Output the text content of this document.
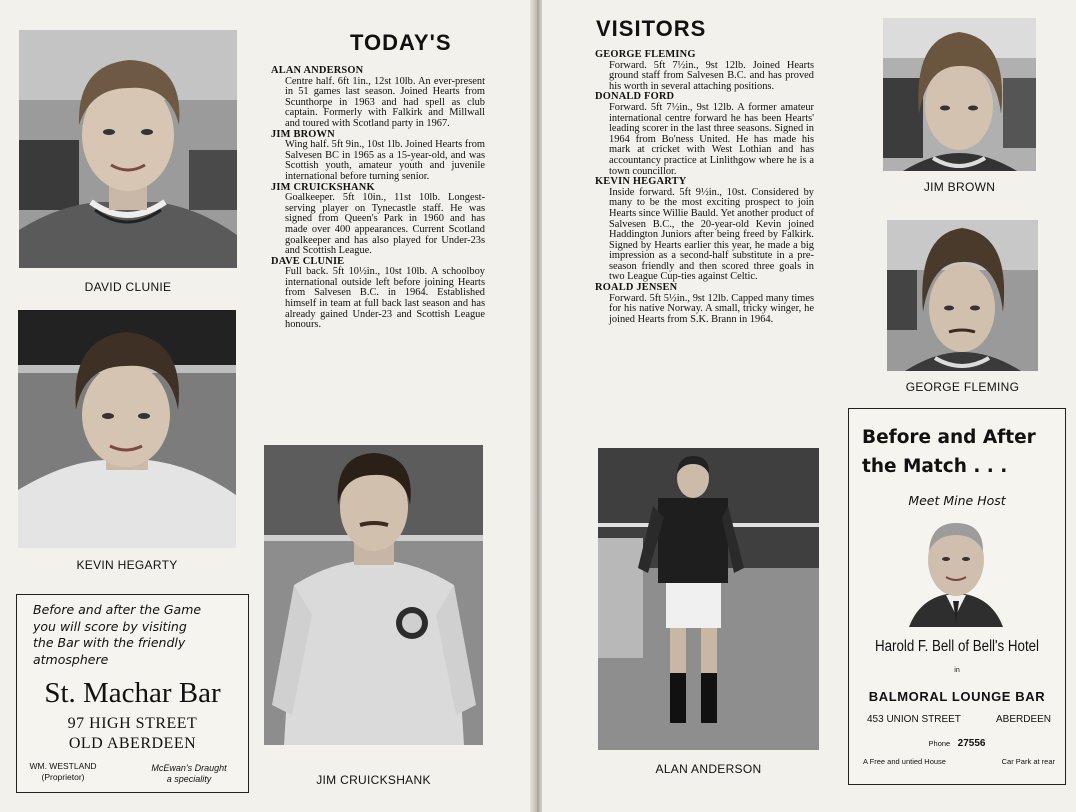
DAVID CLUNIE
KEVIN HEGARTY
TODAY'S
ALAN ANDERSON
Centre half. 6ft 1in., 12st 10lb. An ever-present in 51 games last season. Joined Hearts from Scunthorpe in 1963 and had spell as club captain. Formerly with Falkirk and Millwall and toured with Scotland party in 1967.
JIM BROWN
Wing half. 5ft 9in., 10st 1lb. Joined Hearts from Salvesen BC in 1965 as a 15-year-old, and was Scottish youth, amateur youth and juvenile international before turning senior.
JIM CRUICKSHANK
Goalkeeper. 5ft 10in., 11st 10lb. Longest-serving player on Tynecastle staff. He was signed from Queen's Park in 1960 and has made over 400 appearances. Current Scotland goalkeeper and has also played for Under-23s and Scottish League.
DAVE CLUNIE
Full back. 5ft 10½in., 10st 10lb. A schoolboy international outside left before joining Hearts from Salvesen B.C. in 1964. Established himself in team at full back last season and has already gained Under-23 and Scottish League honours.
JIM CRUICKSHANK
Before and after the Game
you will score by visiting
the Bar with the friendly
atmosphere
St. Machar Bar
97 HIGH STREET
OLD ABERDEEN
WM. WESTLAND
(Proprietor)
McEwan's Draught
a speciality
VISITORS
GEORGE FLEMING
Forward. 5ft 7½in., 9st 12lb. Joined Hearts ground staff from Salvesen B.C. and has proved his worth in several attaching positions.
DONALD FORD
Forward. 5ft 7½in., 9st 12lb. A former amateur international centre forward he has been Hearts' leading scorer in the last three seasons. Signed in 1964 from Bo'ness United. He has made his mark at cricket with West Lothian and has accountancy practice at Linlithgow where he is a town councillor.
KEVIN HEGARTY
Inside forward. 5ft 9½in., 10st. Considered by many to be the most exciting prospect to join Hearts since Willie Bauld. Yet another product of Salvesen B.C., the 20-year-old Kevin joined Haddington Juniors after being freed by Falkirk. Signed by Hearts earlier this year, he made a big impression as a second-half substitute in a pre-season friendly and then scored three goals in two League Cup-ties against Celtic.
ROALD JENSEN
Forward. 5ft 5½in., 9st 12lb. Capped many times for his native Norway. A small, tricky winger, he joined Hearts from S.K. Brann in 1964.
JIM BROWN
GEORGE FLEMING
ALAN ANDERSON
Before and After
the Match . . .
Meet Mine Host
Harold F. Bell of Bell's Hotel
in
BALMORAL LOUNGE BAR
453 UNION STREET	ABERDEEN
Phone 27556
A Free and untied House	Car Park at rear
